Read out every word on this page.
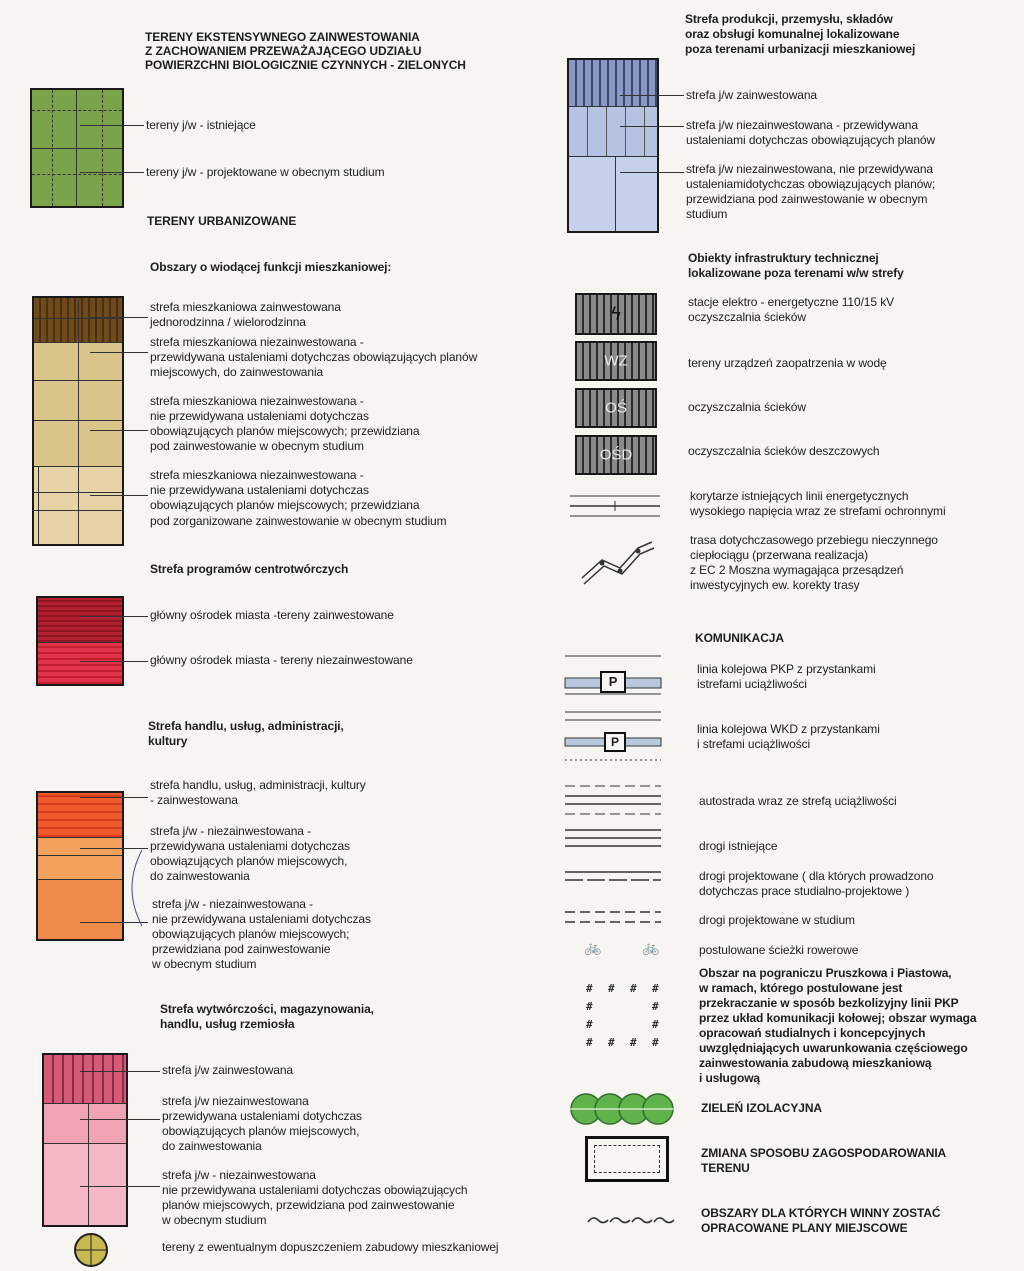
TERENY EKSTENSYWNEGO ZAINWESTOWANIA
Z ZACHOWANIEM PRZEWAŻAJĄCEGO UDZIAŁU
POWIERZCHNI BIOLOGICZNIE CZYNNYCH - ZIELONYCH
tereny j/w - istniejące
tereny j/w - projektowane w obecnym studium
TERENY URBANIZOWANE
Obszary o wiodącej funkcji mieszkaniowej:
strefa mieszkaniowa zainwestowana
jednorodzinna / wielorodzinna
strefa mieszkaniowa niezainwestowana -
przewidywana ustaleniami dotychczas obowiązujących planów
miejscowych, do zainwestowania
strefa mieszkaniowa niezainwestowana -
nie przewidywana ustaleniami dotychczas
obowiązujących planów miejscowych; przewidziana
pod zainwestowanie w obecnym studium
strefa mieszkaniowa niezainwestowana -
nie przewidywana ustaleniami dotychczas
obowiązujących planów miejscowych; przewidziana
pod zorganizowane zainwestowanie w obecnym studium
Strefa programów centrotwórczych
główny ośrodek miasta -tereny zainwestowane
główny ośrodek miasta - tereny niezainwestowane
Strefa handlu, usług, administracji,
kultury
strefa handlu, usług, administracji, kultury
- zainwestowana
strefa j/w - niezainwestowana -
przewidywana ustaleniami dotychczas
obowiązujących planów miejscowych,
do zainwestowania
strefa j/w - niezainwestowana -
nie przewidywana ustaleniami dotychczas
obowiązujących planów miejscowych;
przewidziana pod zainwestowanie
w obecnym studium
Strefa wytwórczości, magazynowania,
handlu, usług rzemiosła
strefa j/w zainwestowana
strefa j/w niezainwestowana
przewidywana ustaleniami dotychczas
obowiązujących planów miejscowych,
do zainwestowania
strefa j/w - niezainwestowana
nie przewidywana ustaleniami dotychczas obowiązujących
planów miejscowych, przewidziana pod zainwestowanie
w obecnym studium
tereny z ewentualnym dopuszczeniem zabudowy mieszkaniowej
Strefa produkcji, przemysłu, składów
oraz obsługi komunalnej lokalizowane
poza terenami urbanizacji mieszkaniowej
strefa j/w zainwestowana
strefa j/w niezainwestowana - przewidywana
ustaleniami dotychczas obowiązujących planów
strefa j/w niezainwestowana, nie przewidywana
ustaleniamidotychczas obowiązujących planów;
przewidziana pod zainwestowanie w obecnym
studium
Obiekty infrastruktury technicznej
lokalizowane poza terenami w/w strefy
ϟ
stacje elektro - energetyczne 110/15 kV
oczyszczalnia ścieków
WZ	tereny urządzeń zaopatrzenia w wodę
OŚ	oczyszczalnia ścieków
OŚD	oczyszczalnia ścieków deszczowych
korytarze istniejących linii energetycznych
wysokiego napięcia wraz ze strefami ochronnymi
trasa dotychczasowego przebiegu nieczynnego
ciepłociągu (przerwana realizacja)
z EC 2 Moszna wymagająca przesądzeń
inwestycyjnych ew. korekty trasy
KOMUNIKACJA
P
linia kolejowa PKP z przystankami
istrefami uciążliwości
P
linia kolejowa WKD z przystankami
i strefami uciążliwości
autostrada wraz ze strefą uciążliwości
drogi istniejące
drogi projektowane ( dla których prowadzono
dotychczas prace studialno-projektowe )
drogi projektowane w studium
🚲	🚲	postulowane ścieżki rowerowe
# # # #
#	#
#	#
# # # #
Obszar na pograniczu Pruszkowa i Piastowa,
w ramach, którego postulowane jest
przekraczanie w sposób bezkolizyjny linii PKP
przez układ komunikacji kołowej; obszar wymaga
opracowań studialnych i koncepcyjnych
uwzględniających uwarunkowania częściowego
zainwestowania zabudową mieszkaniową
i usługową
ZIELEŃ IZOLACYJNA
ZMIANA SPOSOBU ZAGOSPODAROWANIA
TERENU
OBSZARY DLA KTÓRYCH WINNY ZOSTAĆ
OPRACOWANE PLANY MIEJSCOWE
